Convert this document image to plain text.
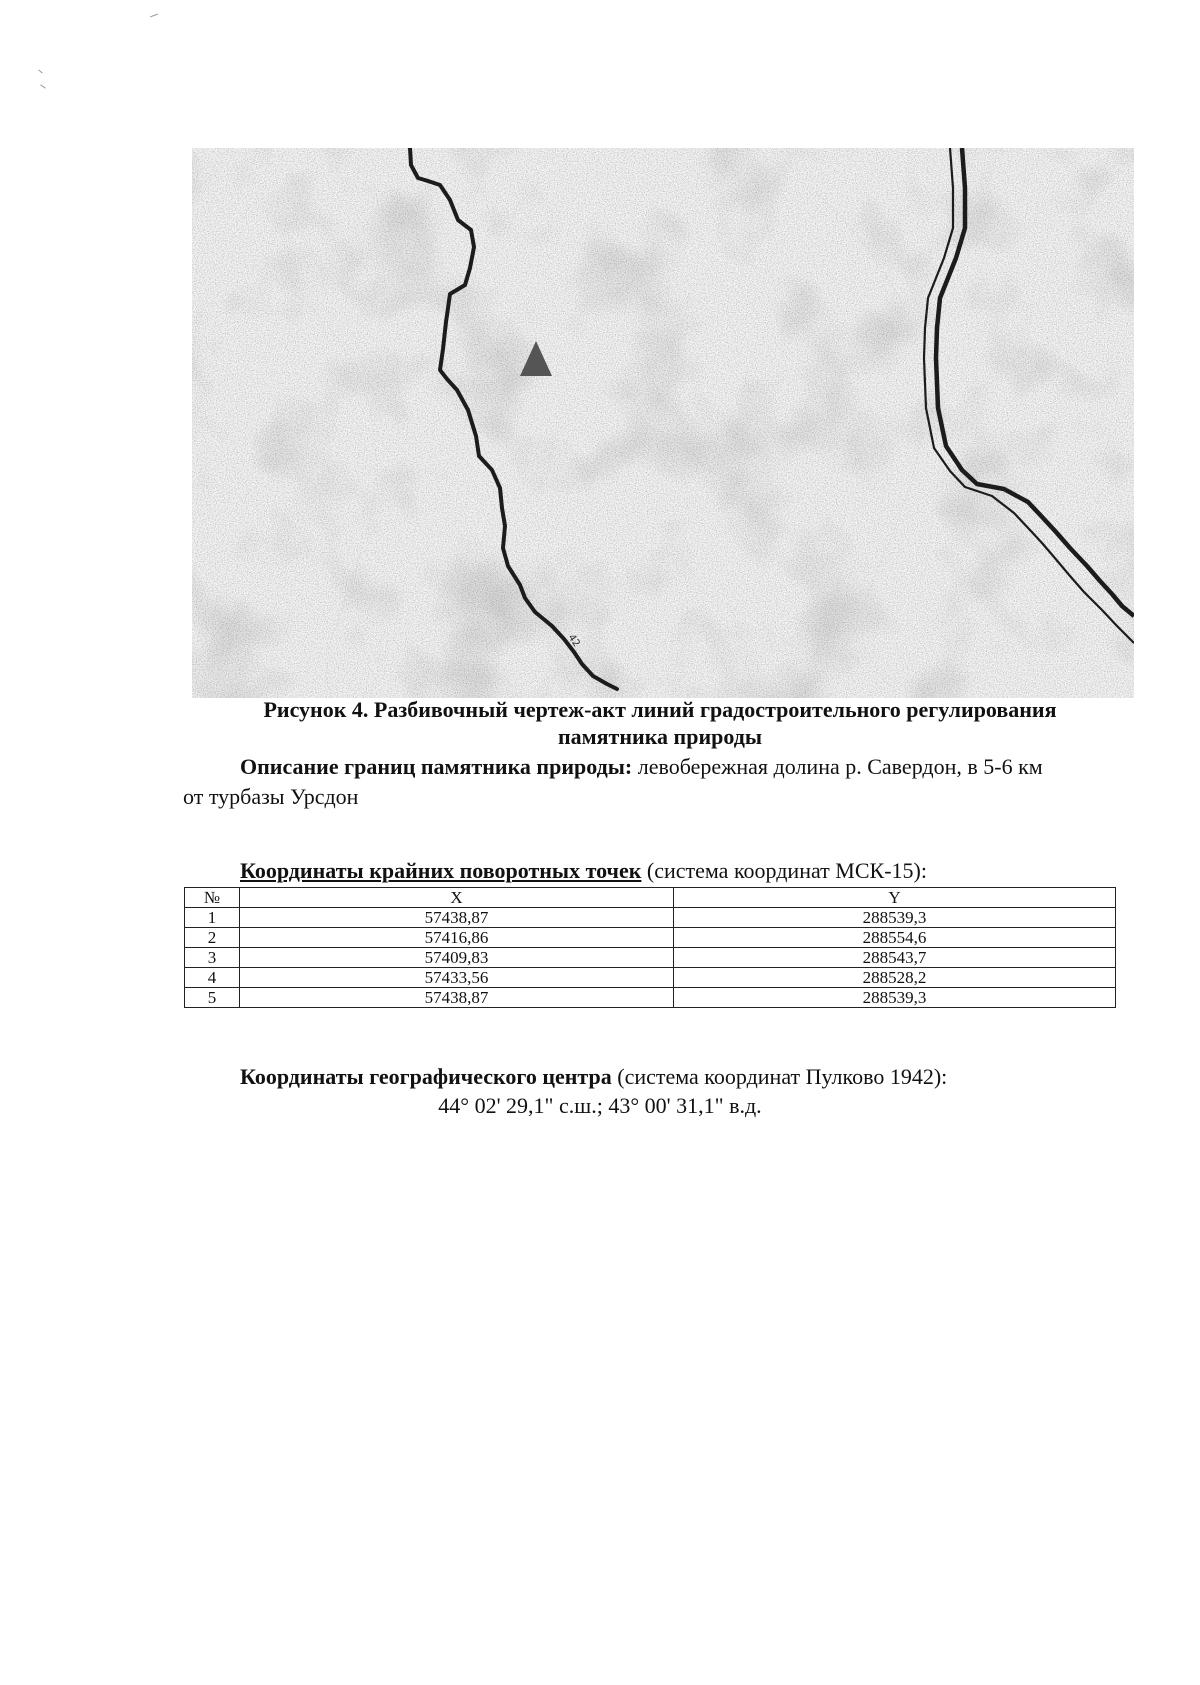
42
Рисунок 4. Разбивочный чертеж-акт линий градостроительного регулирования
памятника природы
Описание границ памятника природы: левобережная долина р. Савердон, в 5-6 км
от турбазы Урсдон
Координаты крайних поворотных точек (система координат МСК-15):
№	X	Y
1	57438,87	288539,3
2	57416,86	288554,6
3	57409,83	288543,7
4	57433,56	288528,2
5	57438,87	288539,3
Координаты географического центра (система координат Пулково 1942):
44° 02' 29,1" с.ш.; 43° 00' 31,1" в.д.
